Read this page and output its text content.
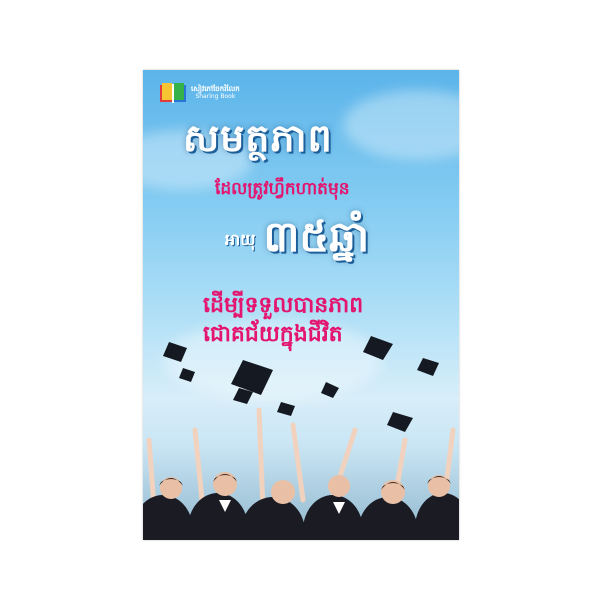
សៀវភៅចែករំលែក
Sharing Book
សមត្ថភាព
ដែលត្រូវហ្វឹកហាត់មុន
អាយុ ៣៥ឆ្នាំ
ដើម្បីទទួលបានភាព
ជោគជ័យក្នុងជីវិត
